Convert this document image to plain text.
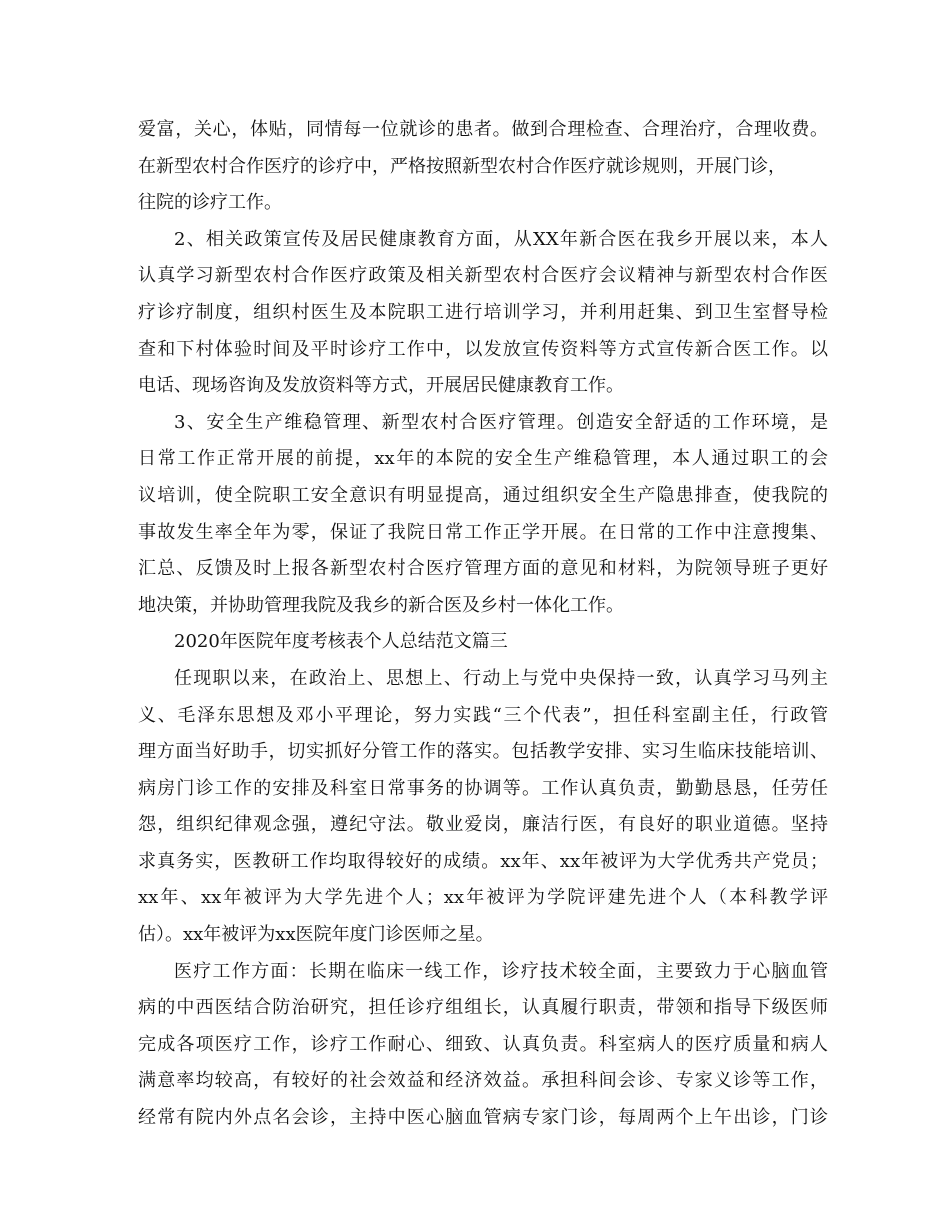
爱富，关心，体贴，同情每一位就诊的患者。做到合理检查、合理治疗，合理收费。
在新型农村合作医疗的诊疗中，严格按照新型农村合作医疗就诊规则，开展门诊，
往院的诊疗工作。
2、相关政策宣传及居民健康教育方面，从XX年新合医在我乡开展以来，本人
认真学习新型农村合作医疗政策及相关新型农村合医疗会议精神与新型农村合作医
疗诊疗制度，组织村医生及本院职工进行培训学习，并利用赶集、到卫生室督导检
查和下村体验时间及平时诊疗工作中，以发放宣传资料等方式宣传新合医工作。以
电话、现场咨询及发放资料等方式，开展居民健康教育工作。
3、安全生产维稳管理、新型农村合医疗管理。创造安全舒适的工作环境，是
日常工作正常开展的前提，xx年的本院的安全生产维稳管理，本人通过职工的会
议培训，使全院职工安全意识有明显提高，通过组织安全生产隐患排查，使我院的
事故发生率全年为零，保证了我院日常工作正学开展。在日常的工作中注意搜集、
汇总、反馈及时上报各新型农村合医疗管理方面的意见和材料，为院领导班子更好
地决策，并协助管理我院及我乡的新合医及乡村一体化工作。
2020年医院年度考核表个人总结范文篇三
任现职以来，在政治上、思想上、行动上与党中央保持一致，认真学习马列主
义、毛泽东思想及邓小平理论，努力实践“三个代表”，担任科室副主任，行政管
理方面当好助手，切实抓好分管工作的落实。包括教学安排、实习生临床技能培训、
病房门诊工作的安排及科室日常事务的协调等。工作认真负责，勤勤恳恳，任劳任
怨，组织纪律观念强，遵纪守法。敬业爱岗，廉洁行医，有良好的职业道德。坚持
求真务实，医教研工作均取得较好的成绩。xx年、xx年被评为大学优秀共产党员；
xx年、xx年被评为大学先进个人；xx年被评为学院评建先进个人（本科教学评
估）。xx年被评为xx医院年度门诊医师之星。
医疗工作方面：长期在临床一线工作，诊疗技术较全面，主要致力于心脑血管
病的中西医结合防治研究，担任诊疗组组长，认真履行职责，带领和指导下级医师
完成各项医疗工作，诊疗工作耐心、细致、认真负责。科室病人的医疗质量和病人
满意率均较高，有较好的社会效益和经济效益。承担科间会诊、专家义诊等工作，
经常有院内外点名会诊，主持中医心脑血管病专家门诊，每周两个上午出诊，门诊
